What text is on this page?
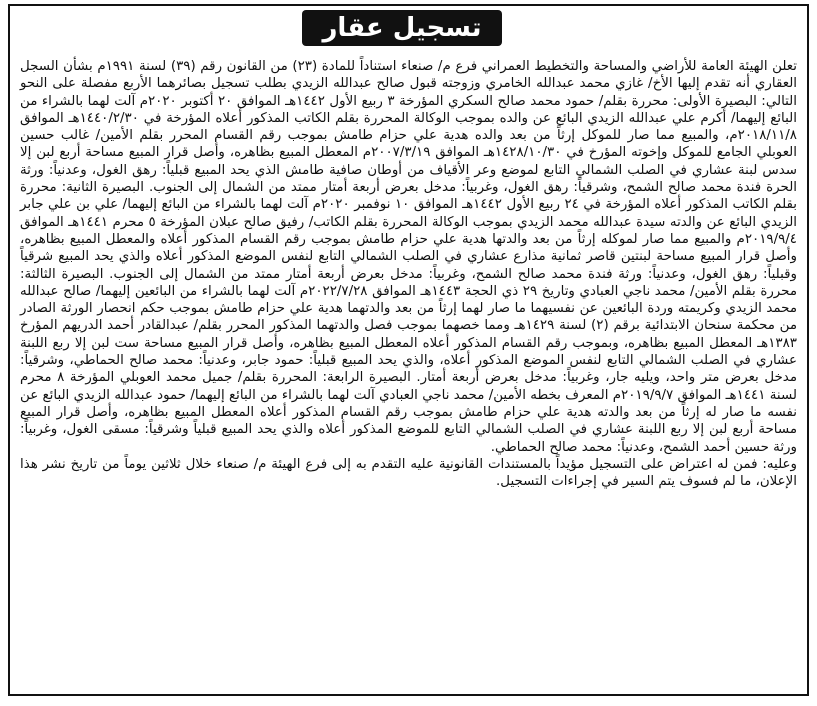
تسجيل عقار

تعلن الهيئة العامة للأراضي والمساحة والتخطيط العمراني فرع م/ صنعاء استناداً للمادة (٢٣) من القانون رقم (٣٩) لسنة ١٩٩١م بشأن السجل العقاري أنه تقدم إليها الأخ/ غازي محمد عبدالله الخامري وزوجته قبول صالح عبدالله الزيدي بطلب تسجيل بصائرهما الأربع مفصلة على النحو التالي: البصيرة الأولى: محررة بقلم/ حمود محمد صالح السكري المؤرخة ٣ ربيع الأول ١٤٤٢هـ الموافق ٢٠ أكتوبر ٢٠٢٠م آلت لهما بالشراء من البائع إليهما/ أكرم علي عبدالله الزيدي البائع عن والده بموجب الوكالة المحررة بقلم الكاتب المذكور أعلاه المؤرخة في ١٤٤٠/٢/٣٠هـ الموافق ٢٠١٨/١١/٨م، والمبيع مما صار للموكل إرثاً من بعد والده هدية علي حزام طامش بموجب رقم القسام المحرر بقلم الأمين/ غالب حسين العوبلي الجامع للموكل وإخوته المؤرخ في ١٤٢٨/١٠/٣٠هـ الموافق ٢٠٠٧/٣/١٩م المعطل المبيع بظاهره، وأصل قرار المبيع مساحة أربع لبن إلا سدس لبنة عشاري في الصلب الشمالي التابع لموضع وعر الأقياف من أوطان صافية طامش الذي يحد المبيع قبلياً: رهق الغول، وعدنياً: ورثة الحرة فندة محمد صالح الشمح، وشرقياً: رهق الغول، وغربياً: مدخل بعرض أربعة أمتار ممتد من الشمال إلى الجنوب. البصيرة الثانية: محررة بقلم الكاتب المذكور أعلاه المؤرخة في ٢٤ ربيع الأول ١٤٤٢هـ الموافق ١٠ نوفمبر ٢٠٢٠م آلت لهما بالشراء من البائع إليهما/ علي بن علي جابر الزيدي البائع عن والدته سيدة عبدالله محمد الزيدي بموجب الوكالة المحررة بقلم الكاتب/ رفيق صالح عبلان المؤرخة ٥ محرم ١٤٤١هـ الموافق ٢٠١٩/٩/٤م والمبيع مما صار لموكله إرثاً من بعد والدتها هدية علي حزام طامش بموجب رقم القسام المذكور أعلاه والمعطل المبيع بظاهره، وأصل قرار المبيع مساحة لبنتين قاصر ثمانية مذارع عشاري في الصلب الشمالي التابع لنفس الموضع المذكور أعلاه والذي يحد المبيع شرقياً وقبلياً: رهق الغول، وعدنياً: ورثة فندة محمد صالح الشمح، وغربياً: مدخل بعرض أربعة أمتار ممتد من الشمال إلى الجنوب. البصيرة الثالثة: محررة بقلم الأمين/ محمد ناجي العبادي وتاريخ ٢٩ ذي الحجة ١٤٤٣هـ الموافق ٢٠٢٢/٧/٢٨م آلت لهما بالشراء من البائعين إليهما/ صالح عبدالله محمد الزيدي وكريمته وردة البائعين عن نفسيهما ما صار لهما إرثاً من بعد والدتهما هدية علي حزام طامش بموجب حكم انحصار الورثة الصادر من محكمة سنحان الابتدائية برقم (٢) لسنة ١٤٢٩هـ ومما خصهما بموجب فصل والدتهما المذكور المحرر بقلم/ عبدالقادر أحمد الدريهم المؤرخ ١٣٨٣هـ المعطل المبيع بظاهره، وبموجب رقم القسام المذكور أعلاه المعطل المبيع بظاهره، وأصل قرار المبيع مساحة ست لبن إلا ربع اللبنة عشاري في الصلب الشمالي التابع لنفس الموضع المذكور أعلاه، والذي يحد المبيع قبلياً: حمود جابر، وعدنياً: محمد صالح الحماطي، وشرقياً: مدخل بعرض متر واحد، ويليه جار، وغربياً: مدخل بعرض أربعة أمتار. البصيرة الرابعة: المحررة بقلم/ جميل محمد العوبلي المؤرخة ٨ محرم لسنة ١٤٤١هـ الموافق ٢٠١٩/٩/٧م المعرف بخطه الأمين/ محمد ناجي العبادي آلت لهما بالشراء من البائع إليهما/ حمود عبدالله الزيدي البائع عن نفسه ما صار له إرثاً من بعد والدته هدية علي حزام طامش بموجب رقم القسام المذكور أعلاه المعطل المبيع بظاهره، وأصل قرار المبيع مساحة أربع لبن إلا ربع اللبنة عشاري في الصلب الشمالي التابع للموضع المذكور أعلاه والذي يحد المبيع قبلياً وشرقياً: مسقى الغول، وغربياً: ورثة حسين أحمد الشمح، وعدنياً: محمد صالح الحماطي.

وعليه: فمن له اعتراض على التسجيل مؤيداً بالمستندات القانونية عليه التقدم به إلى فرع الهيئة م/ صنعاء خلال ثلاثين يوماً من تاريخ نشر هذا الإعلان، ما لم فسوف يتم السير في إجراءات التسجيل.
